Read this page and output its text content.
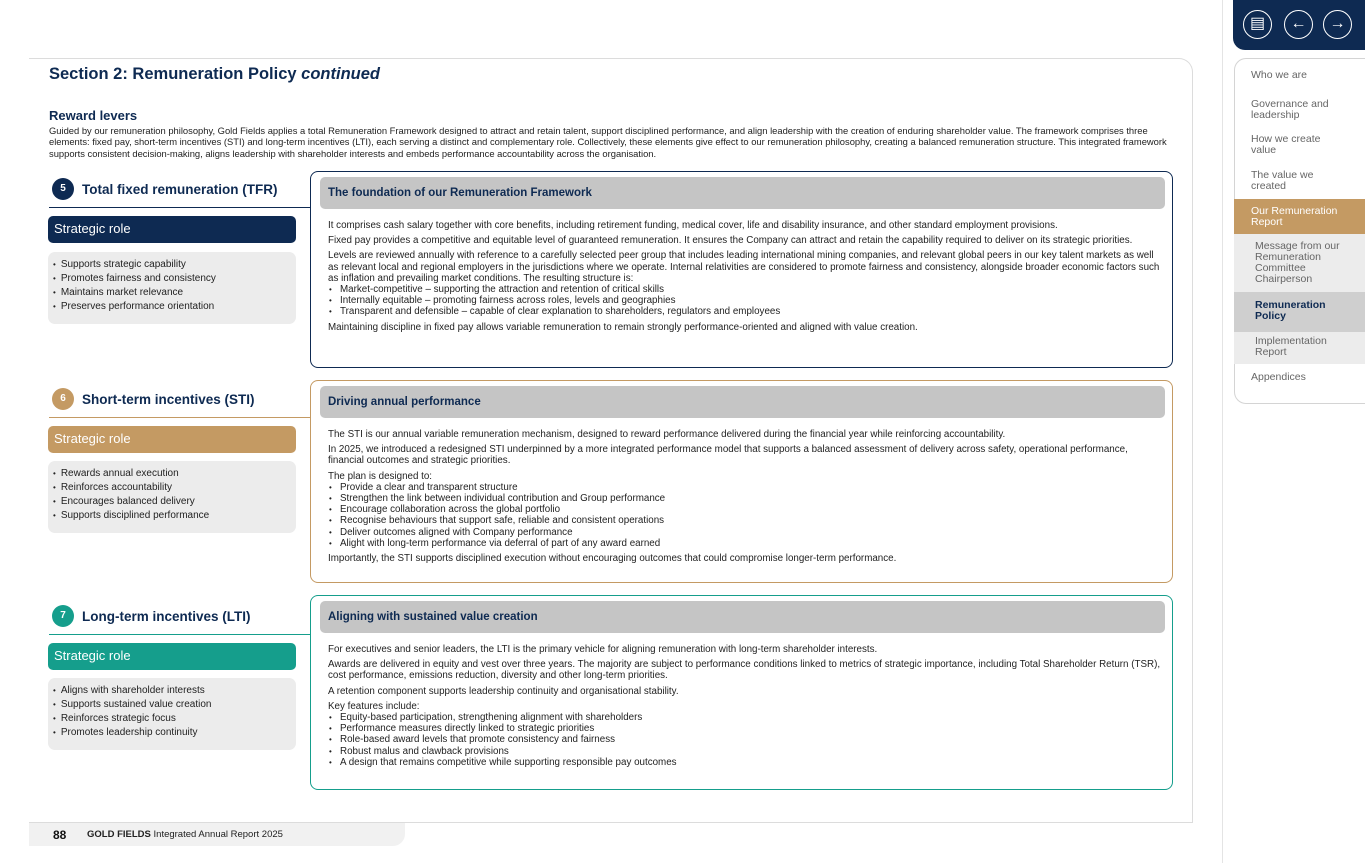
Section 2: Remuneration Policy continued
Reward levers
Guided by our remuneration philosophy, Gold Fields applies a total Remuneration Framework designed to attract and retain talent, support disciplined performance, and align leadership with the creation of enduring shareholder value. The framework comprises three elements: fixed pay, short-term incentives (STI) and long-term incentives (LTI), each serving a distinct and complementary role. Collectively, these elements give effect to our remuneration philosophy, creating a balanced remuneration structure. This integrated framework supports consistent decision-making, aligns leadership with shareholder interests and embeds performance accountability across the organisation.
5	Total fixed remuneration (TFR)
Strategic role
• Supports strategic capability
• Promotes fairness and consistency
• Maintains market relevance
• Preserves performance orientation
The foundation of our Remuneration Framework

It comprises cash salary together with core benefits, including retirement funding, medical cover, life and disability insurance, and other standard employment provisions.

Fixed pay provides a competitive and equitable level of guaranteed remuneration. It ensures the Company can attract and retain the capability required to deliver on its strategic priorities.

Levels are reviewed annually with reference to a carefully selected peer group that includes leading international mining companies, and relevant global peers in our key talent markets as well as relevant local and regional employers in the jurisdictions where we operate. Internal relativities are considered to promote fairness and consistency, alongside broader economic factors such as inflation and prevailing market conditions. The resulting structure is:

• Market-competitive – supporting the attraction and retention of critical skills
• Internally equitable – promoting fairness across roles, levels and geographies
• Transparent and defensible – capable of clear explanation to shareholders, regulators and employees

Maintaining discipline in fixed pay allows variable remuneration to remain strongly performance-oriented and aligned with value creation.

6	Short-term incentives (STI)
Strategic role
• Rewards annual execution
• Reinforces accountability
• Encourages balanced delivery
• Supports disciplined performance
Driving annual performance

The STI is our annual variable remuneration mechanism, designed to reward performance delivered during the financial year while reinforcing accountability.

In 2025, we introduced a redesigned STI underpinned by a more integrated performance model that supports a balanced assessment of delivery across safety, operational performance, financial outcomes and strategic priorities.

The plan is designed to:

• Provide a clear and transparent structure
• Strengthen the link between individual contribution and Group performance
• Encourage collaboration across the global portfolio
• Recognise behaviours that support safe, reliable and consistent operations
• Deliver outcomes aligned with Company performance
• Alight with long-term performance via deferral of part of any award earned

Importantly, the STI supports disciplined execution without encouraging outcomes that could compromise longer-term performance.

7	Long-term incentives (LTI)
Strategic role
• Aligns with shareholder interests
• Supports sustained value creation
• Reinforces strategic focus
• Promotes leadership continuity
Aligning with sustained value creation

For executives and senior leaders, the LTI is the primary vehicle for aligning remuneration with long-term shareholder interests.

Awards are delivered in equity and vest over three years. The majority are subject to performance conditions linked to metrics of strategic importance, including Total Shareholder Return (TSR), cost performance, emissions reduction, diversity and other long-term priorities.

A retention component supports leadership continuity and organisational stability.

Key features include:

• Equity-based participation, strengthening alignment with shareholders
• Performance measures directly linked to strategic priorities
• Role-based award levels that promote consistency and fairness
• Robust malus and clawback provisions
• A design that remains competitive while supporting responsible pay outcomes
88 GOLD FIELDS Integrated Annual Report 2025
▤	←	→
Who we are
Governance and leadership
How we create value
The value we created
Our Remuneration Report
Message from our Remuneration Committee Chairperson
Remuneration Policy
Implementation Report
Appendices
